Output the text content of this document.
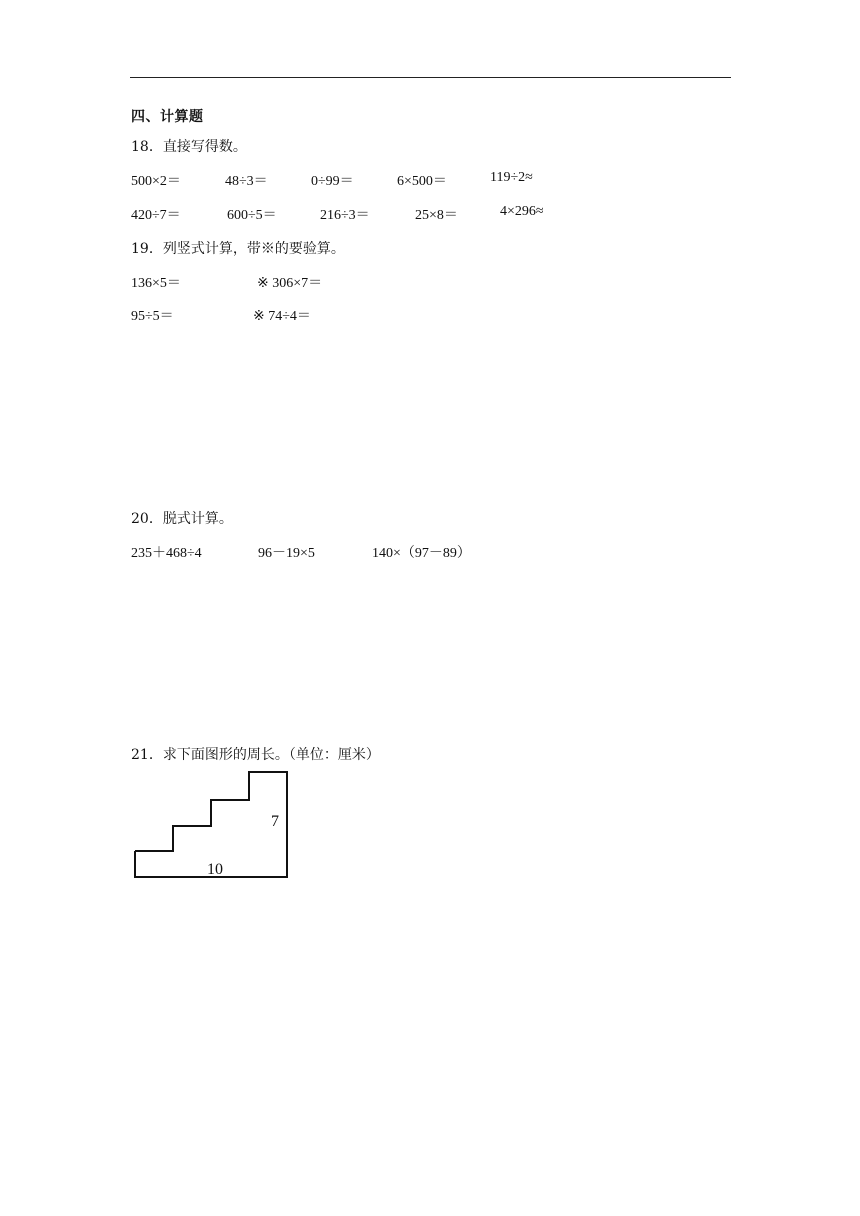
四、计算题
18．直接写得数。
500×2＝	48÷3＝	0÷99＝	6×500＝	119÷2≈
420÷7＝	600÷5＝	216÷3＝	25×8＝	4×296≈
19．列竖式计算，带※的要验算。
136×5＝	※ 306×7＝
95÷5＝	※ 74÷4＝
20．脱式计算。
235＋468÷4	96－19×5	140×（97－89）
21．求下面图形的周长。（单位：厘米）
7
10
